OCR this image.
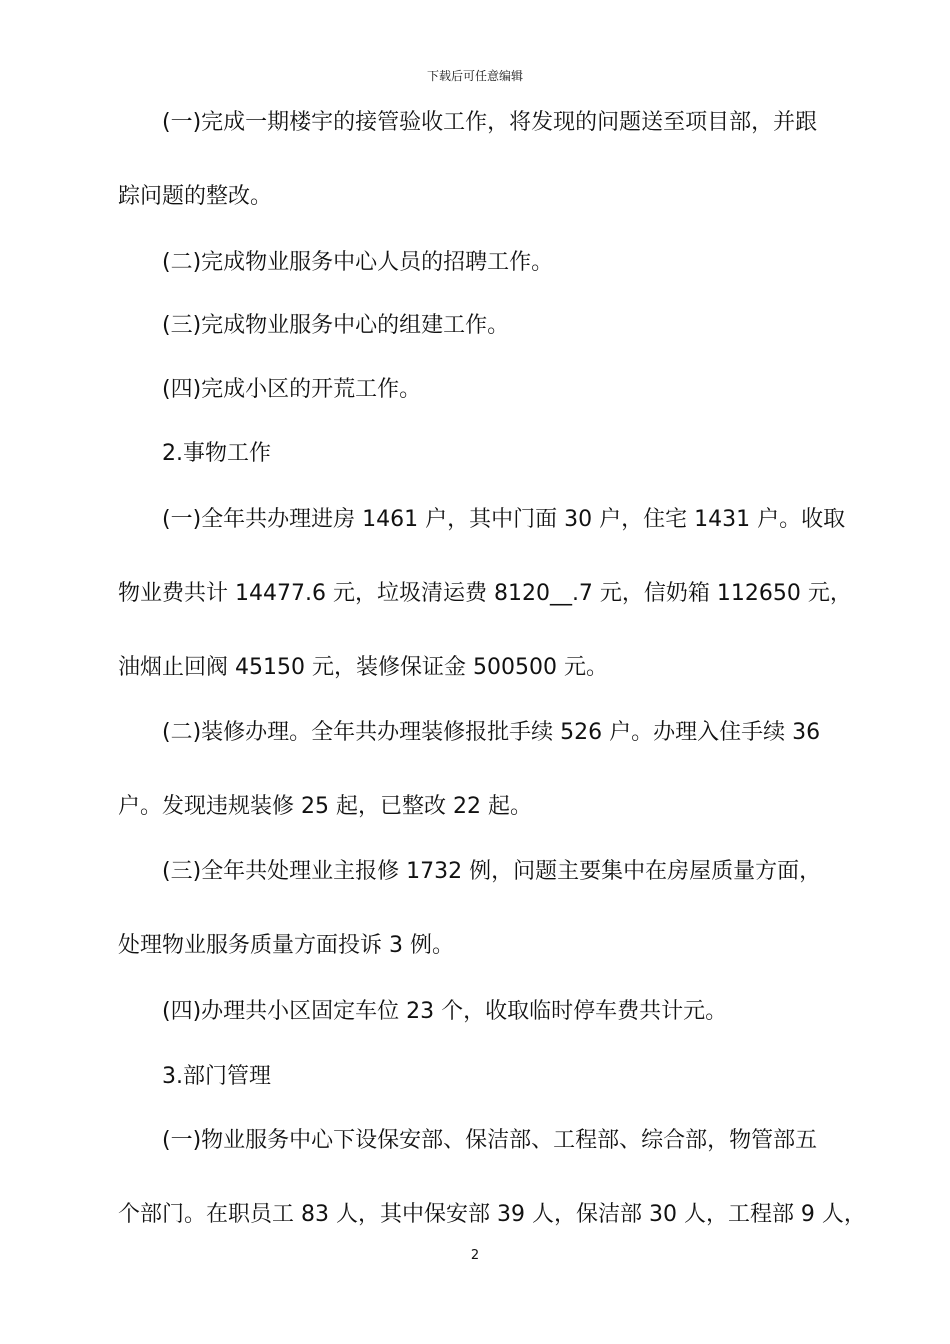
下载后可任意编辑
(一)完成一期楼宇的接管验收工作，将发现的问题送至项目部，并跟
踪问题的整改。
(二)完成物业服务中心人员的招聘工作。
(三)完成物业服务中心的组建工作。
(四)完成小区的开荒工作。
2.事物工作
(一)全年共办理进房 1461 户，其中门面 30 户，住宅 1431 户。收取
物业费共计 14477.6 元，垃圾清运费 8120__.7 元，信奶箱 112650 元，
油烟止回阀 45150 元，装修保证金 500500 元。
(二)装修办理。全年共办理装修报批手续 526 户。办理入住手续 36
户。发现违规装修 25 起，已整改 22 起。
(三)全年共处理业主报修 1732 例，问题主要集中在房屋质量方面，
处理物业服务质量方面投诉 3 例。
(四)办理共小区固定车位 23 个，收取临时停车费共计元。
3.部门管理
(一)物业服务中心下设保安部、保洁部、工程部、综合部，物管部五
个部门。在职员工 83 人，其中保安部 39 人，保洁部 30 人，工程部 9 人，
2
